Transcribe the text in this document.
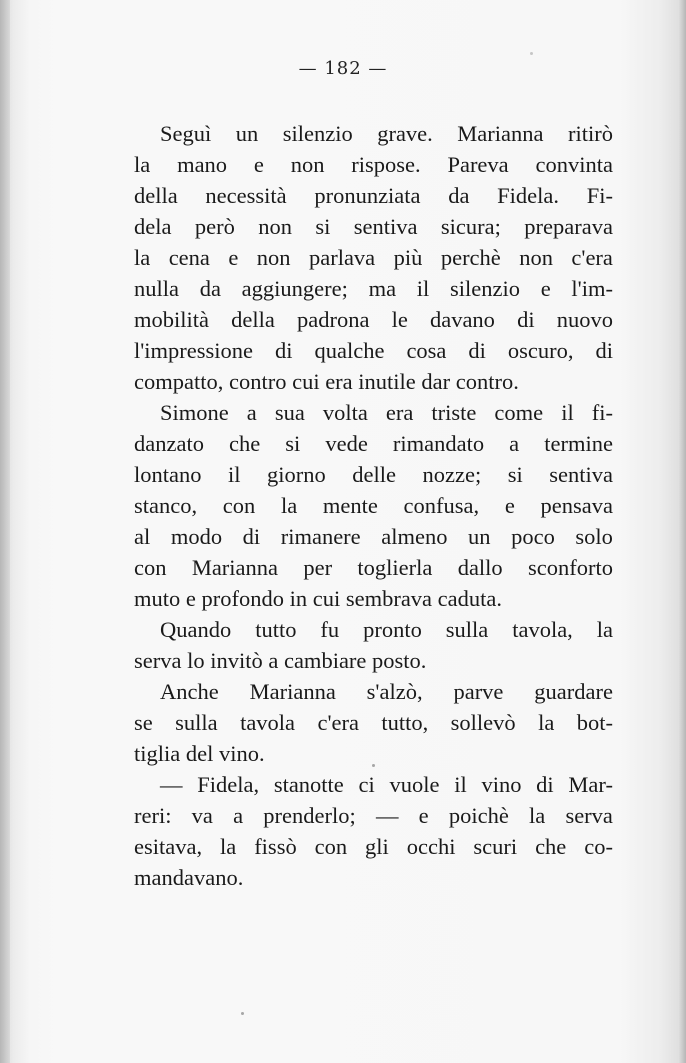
— 182 —
Seguì un silenzio grave. Marianna ritirò
la mano e non rispose. Pareva convinta
della necessità pronunziata da Fidela. Fi-
dela però non si sentiva sicura; preparava
la cena e non parlava più perchè non c'era
nulla da aggiungere; ma il silenzio e l'im-
mobilità della padrona le davano di nuovo
l'impressione di qualche cosa di oscuro, di
compatto, contro cui era inutile dar contro.
Simone a sua volta era triste come il fi-
danzato che si vede rimandato a termine
lontano il giorno delle nozze; si sentiva
stanco, con la mente confusa, e pensava
al modo di rimanere almeno un poco solo
con Marianna per toglierla dallo sconforto
muto e profondo in cui sembrava caduta.
Quando tutto fu pronto sulla tavola, la
serva lo invitò a cambiare posto.
Anche Marianna s'alzò, parve guardare
se sulla tavola c'era tutto, sollevò la bot-
tiglia del vino.
— Fidela, stanotte ci vuole il vino di Mar-
reri: va a prenderlo; — e poichè la serva
esitava, la fissò con gli occhi scuri che co-
mandavano.
